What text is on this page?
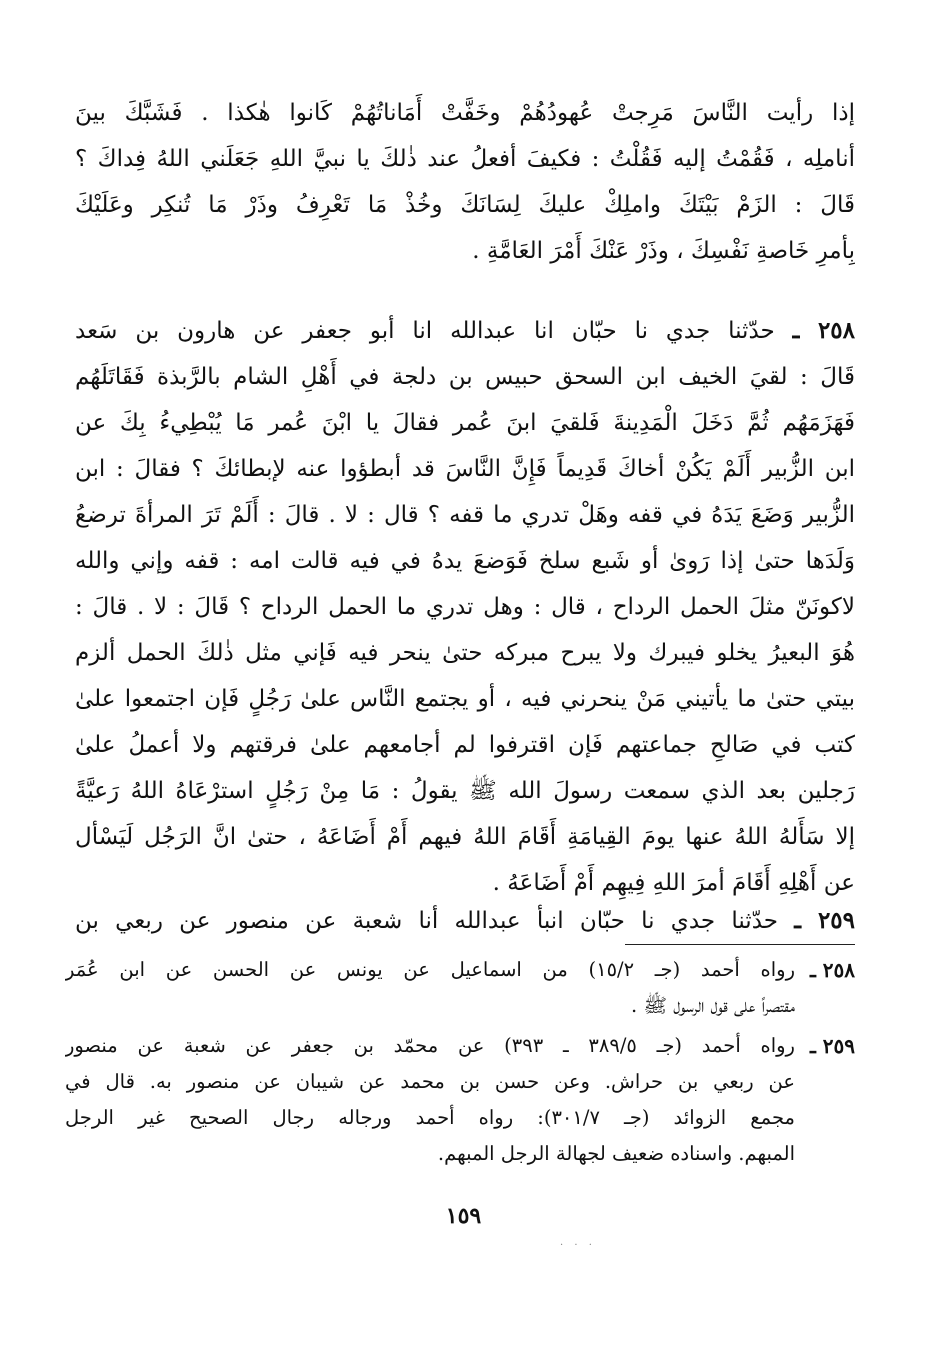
إذا رأيت النَّاسَ مَرِجتْ عُهودُهُمْ وخَفَّتْ أَمَاناتُهُمْ كَانوا هٰكذا . فَشَبَّكَ بينَ
أناملِه ، فَقُمْتُ إليه فَقُلْتُ : فكيفَ أفعلُ عند ذٰلكَ يا نبيَّ اللهِ جَعَلَني اللهُ فِداكَ ؟
قَالَ : الزَمْ بَيْتَكَ واملِكْ عليكَ لِسَانَكَ وخُذْ مَا تَعْرِفُ وذَرْ مَا تُنكِر وعَلَيْكَ
بِأمرِ خَاصةِ نَفْسِكَ ، وذَرْ عَنْكَ أَمْرَ العَامَّةِ .
٢٥٨ ـ حدّثنا جدي نا حبّان انا عبدالله انا أبو جعفر عن هارون بن سَعد
قَالَ : لقيَ الخيف ابن السحق حبيس بن دلجة في أَهْلِ الشام بالرَّبذة فَقَاتَلَهُم
فَهَزَمَهُم ثُمَّ دَخَلَ الْمَدِينةَ فَلقيَ ابنَ عُمر فقالَ يا ابْنَ عُمر مَا يُبْطِيءُ بِكَ عن
ابن الزُّبير أَلَمْ يَكُنْ أخاكَ قَدِيماً فَإِنَّ النَّاسَ قد أبطؤوا عنه لإبطائكَ ؟ فقالَ : ابن
الزُّبير وَضَعَ يَدَهُ في قفه وهَلْ تدري ما قفه ؟ قال : لا . قالَ : أَلَمْ تَرَ المرأةَ ترضعُ
وَلَدَها حتىٰ إذا رَوىٰ أو شَبع سلخ فَوَضعَ يدهُ في فيه قالت امه : قفه وإني والله
لاكونَنّ مثلَ الحمل الرداح ، قال : وهل تدري ما الحمل الرداح ؟ قَالَ : لا . قالَ :
هُوَ البعيرُ يخلو فيبرك ولا يبرح مبركه حتىٰ ينحر فيه فَإني مثل ذٰلكَ الحمل ألزم
بيتي حتىٰ ما يأتيني مَنْ ينحرني فيه ، أو يجتمع النَّاس علىٰ رَجُلٍ فَإن اجتمعوا علىٰ
كتب في صَالحِ جماعتهم فَإن اقترفوا لم أجامعهم علىٰ فرقتهم ولا أعملُ علىٰ
رَجلين بعد الذي سمعت رسولَ الله ﷺ يقولُ : مَا مِنْ رَجُلٍ استرْعَاهُ اللهُ رَعيَّةً
إلا سَأَلهُ اللهُ عنها يومَ القِيامَةِ أَقَامَ اللهُ فيهم أَمْ أَضَاعَهُ ، حتىٰ انَّ الرَجُل لَيَسْأل
عن أَهْلِهِ أَقَامَ أمرَ اللهِ فِيهِم أَمْ أَضَاعَهُ .
٢٥٩ ـ حدّثنا جدي نا حبّان انبأ عبدالله أنا شعبة عن منصور عن ربعي بن
٢٥٨ ـ
رواه أحمد (جـ ١٥/٢) من اسماعيل عن يونس عن الحسن عن ابن عُمَر
مقتصراً على قول الرسول ﷺ .
٢٥٩ ـ
رواه أحمد (جـ ٣٨٩/٥ ـ ٣٩٣) عن محمّد بن جعفر عن شعبة عن منصور
عن ربعي بن حراش. وعن حسن بن محمد عن شيبان عن منصور به. قال في
مجمع الزوائد (جـ ٣٠١/٧): رواه أحمد ورجاله رجال الصحيح غير الرجل
المبهم. واسناده ضعيف لجهالة الرجل المبهم.
١٥٩
· · ·
